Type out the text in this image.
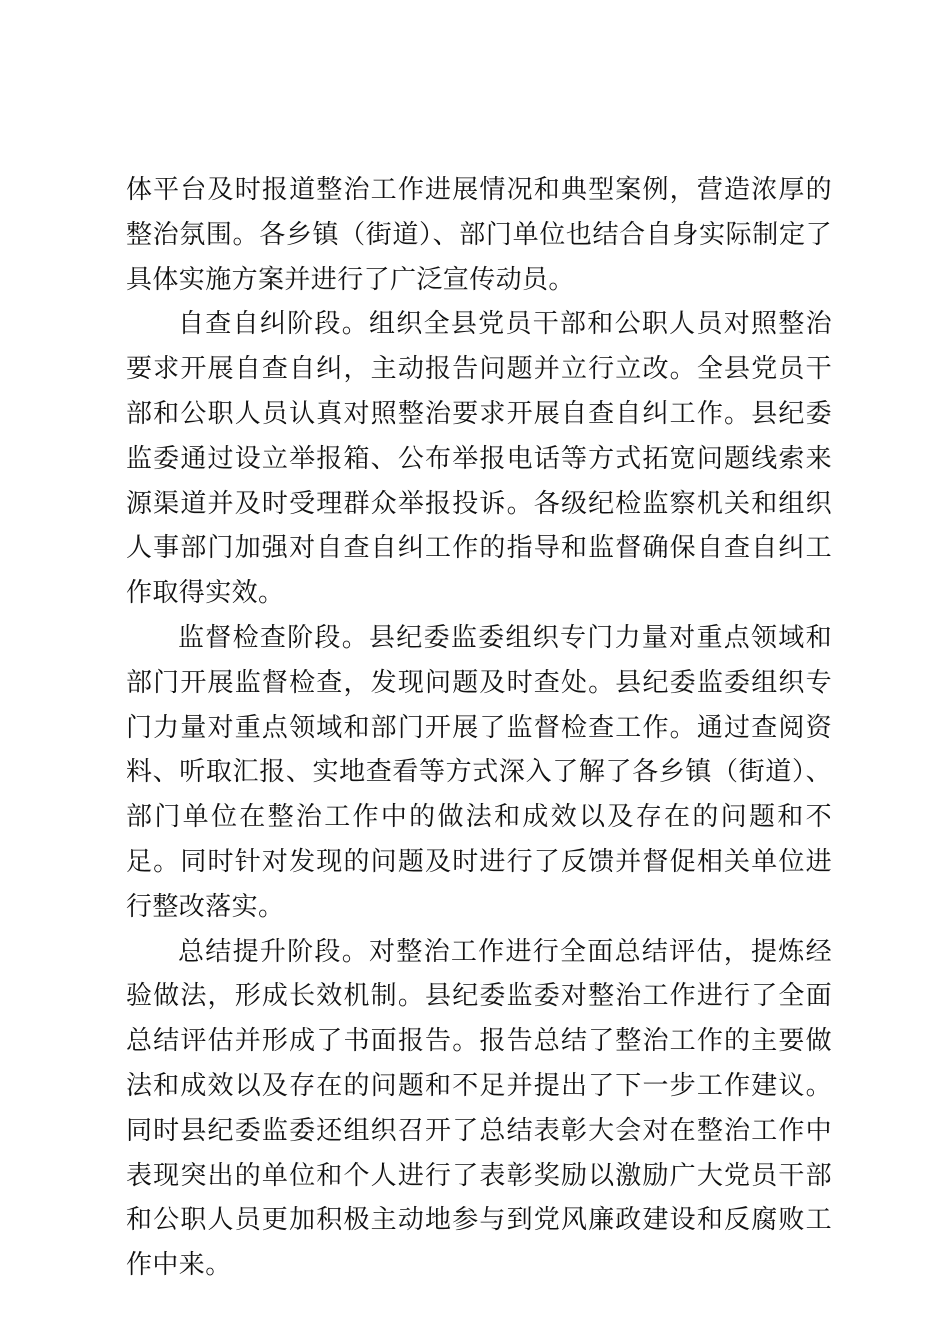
体平台及时报道整治工作进展情况和典型案例，营造浓厚的整治氛围。各乡镇（街道）、部门单位也结合自身实际制定了具体实施方案并进行了广泛宣传动员。

自查自纠阶段。组织全县党员干部和公职人员对照整治要求开展自查自纠，主动报告问题并立行立改。全县党员干部和公职人员认真对照整治要求开展自查自纠工作。县纪委监委通过设立举报箱、公布举报电话等方式拓宽问题线索来源渠道并及时受理群众举报投诉。各级纪检监察机关和组织人事部门加强对自查自纠工作的指导和监督确保自查自纠工作取得实效。

监督检查阶段。县纪委监委组织专门力量对重点领域和部门开展监督检查，发现问题及时查处。县纪委监委组织专门力量对重点领域和部门开展了监督检查工作。通过查阅资料、听取汇报、实地查看等方式深入了解了各乡镇（街道）、部门单位在整治工作中的做法和成效以及存在的问题和不足。同时针对发现的问题及时进行了反馈并督促相关单位进行整改落实。

总结提升阶段。对整治工作进行全面总结评估，提炼经验做法，形成长效机制。县纪委监委对整治工作进行了全面总结评估并形成了书面报告。报告总结了整治工作的主要做法和成效以及存在的问题和不足并提出了下一步工作建议。同时县纪委监委还组织召开了总结表彰大会对在整治工作中表现突出的单位和个人进行了表彰奖励以激励广大党员干部和公职人员更加积极主动地参与到党风廉政建设和反腐败工作中来。
